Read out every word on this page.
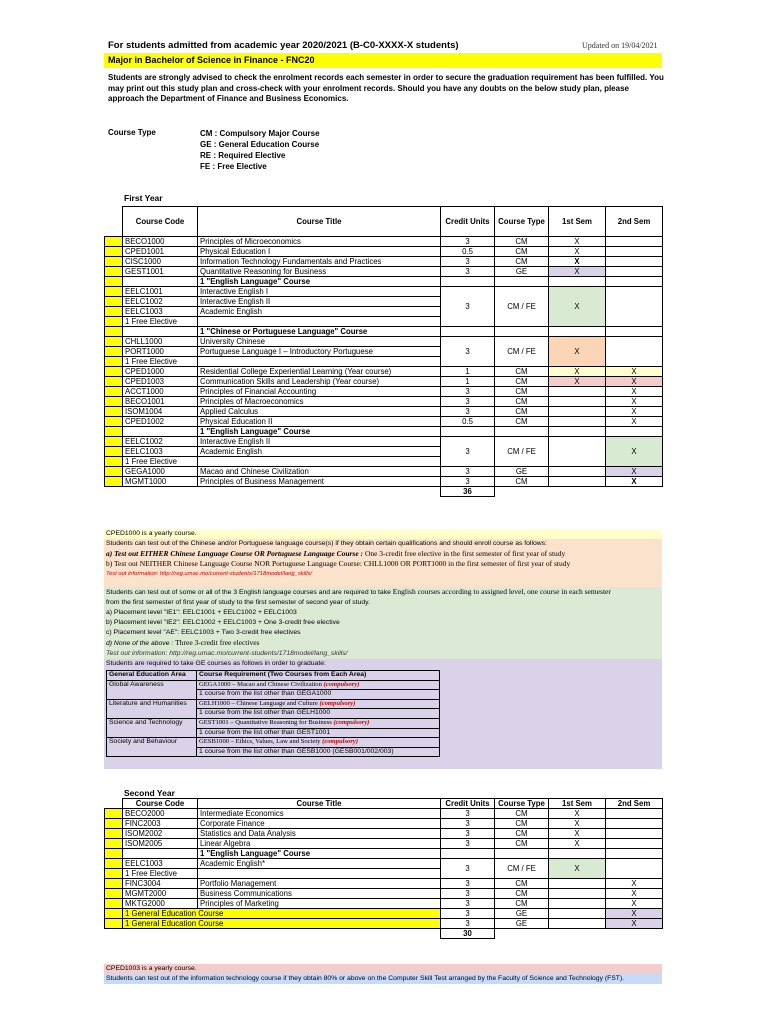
For students admitted from academic year 2020/2021 (B-C0-XXXX-X students)	Updated on 19/04/2021
Major in Bachelor of Science in Finance - FNC20
Students are strongly advised to check the enrolment records each semester in order to secure the graduation requirement has been fulfilled. You may print out this study plan and cross-check with your enrolment records. Should you have any doubts on the below study plan, please approach the Department of Finance and Business Economics.
Course Type	CM : Compulsory Major Course
GE : General Education Course
RE : Required Elective
FE : Free Elective
First Year
	Course Code	Course Title	Credit Units	Course Type	1st Sem	2nd Sem
	BECO1000	Principles of Microeconomics	3	CM	X	
	CPED1001	Physical Education I	0.5	CM	X	
	CISC1000	Information Technology Fundamentals and Practices	3	CM	X	
	GEST1001	Quantitative Reasoning for Business	3	GE	X	
		1 "English Language" Course				
	EELC1001	Interactive English I	3	CM / FE	X	
	EELC1002	Interactive English II				
	EELC1003	Academic English				
	1 Free Elective					
		1 "Chinese or Portuguese Language" Course				
	CHLL1000	University Chinese	3	CM / FE	X	
	PORT1000	Portuguese Language I – Introductory Portuguese				
	1 Free Elective					
	CPED1000	Residential College Experiential Learning (Year course)	1	CM	X	X
	CPED1003	Communication Skills and Leadership (Year course)	1	CM	X	X
	ACCT1000	Principles of Financial Accounting	3	CM		X
	BECO1001	Principles of Macroeconomics	3	CM		X
	ISOM1004	Applied Calculus	3	CM		X
	CPED1002	Physical Education II	0.5	CM		X
		1 "English Language" Course				
	EELC1002	Interactive English II	3	CM / FE		X
	EELC1003	Academic English				
	1 Free Elective					
	GEGA1000	Macao and Chinese Civilization	3	GE		X
	MGMT1000	Principles of Business Management	3	CM		X
			36			
CPED1000 is a yearly course.
Students can test out of the Chinese and/or Portuguese language course(s) if they obtain certain qualifications and should enroll course as follows:
a) Test out EITHER Chinese Language Course OR Portuguese Language Course : One 3-credit free elective in the first semester of first year of study
b) Test out NEITHER Chinese Language Course NOR Portuguese Language Course: CHLL1000 OR PORT1000 in the first semester of first year of study
Test out information: http://reg.umac.mo/current-students/1718model/lang_skills/
Students can test out of some or all of the 3 English language courses and are required to take English courses according to assigned level, one course in each semester
from the first semester of first year of study to the first semester of second year of study.
a) Placement level "IE1": EELC1001 + EELC1002 + EELC1003
b) Placement level "IE2": EELC1002 + EELC1003 + One 3-credit free elective
c) Placement level "AE": EELC1003 + Two 3-credit free electives
d) None of the above : Three 3-credit free electives
Test out information: http://reg.umac.mo/current-students/1718model/lang_skills/
Students are required to take GE courses as follows in order to graduate:
General Education Area	Course Requirement (Two Courses from Each Area)
Global Awareness	GEGA1000 – Macao and Chinese Civilization (compulsory)
	1 course from the list other than GEGA1000
Literature and Humanities	GELH1000 – Chinese Language and Culture (compulsory)
	1 course from the list other than GELH1000
Science and Technology	GEST1001 – Quantitative Reasoning for Business (compulsory)
	1 course from the list other than GEST1001
Society and Behaviour	GESB1000 – Ethics, Values, Law and Society (compulsory)
	1 course from the list other than GESB1000 (GESB001/002/003)
Second Year
	Course Code	Course Title	Credit Units	Course Type	1st Sem	2nd Sem
	BECO2000	Intermediate Economics	3	CM	X	
	FINC2003	Corporate Finance	3	CM	X	
	ISOM2002	Statistics and Data Analysis	3	CM	X	
	ISOM2005	Linear Algebra	3	CM	X	
		1 "English Language" Course				
	EELC1003	Academic English*	3	CM / FE	X	
	1 Free Elective					
	FINC3004	Portfolio Management	3	CM		X
	MGMT2000	Business Communications	3	CM		X
	MKTG2000	Principles of Marketing	3	CM		X
	1 General Education Course		3	GE		X
	1 General Education Course		3	GE		X
			30			
CPED1003 is a yearly course.
Students can test out of the information technology course if they obtain 80% or above on the Computer Skill Test arranged by the Faculty of Science and Technology (FST).
